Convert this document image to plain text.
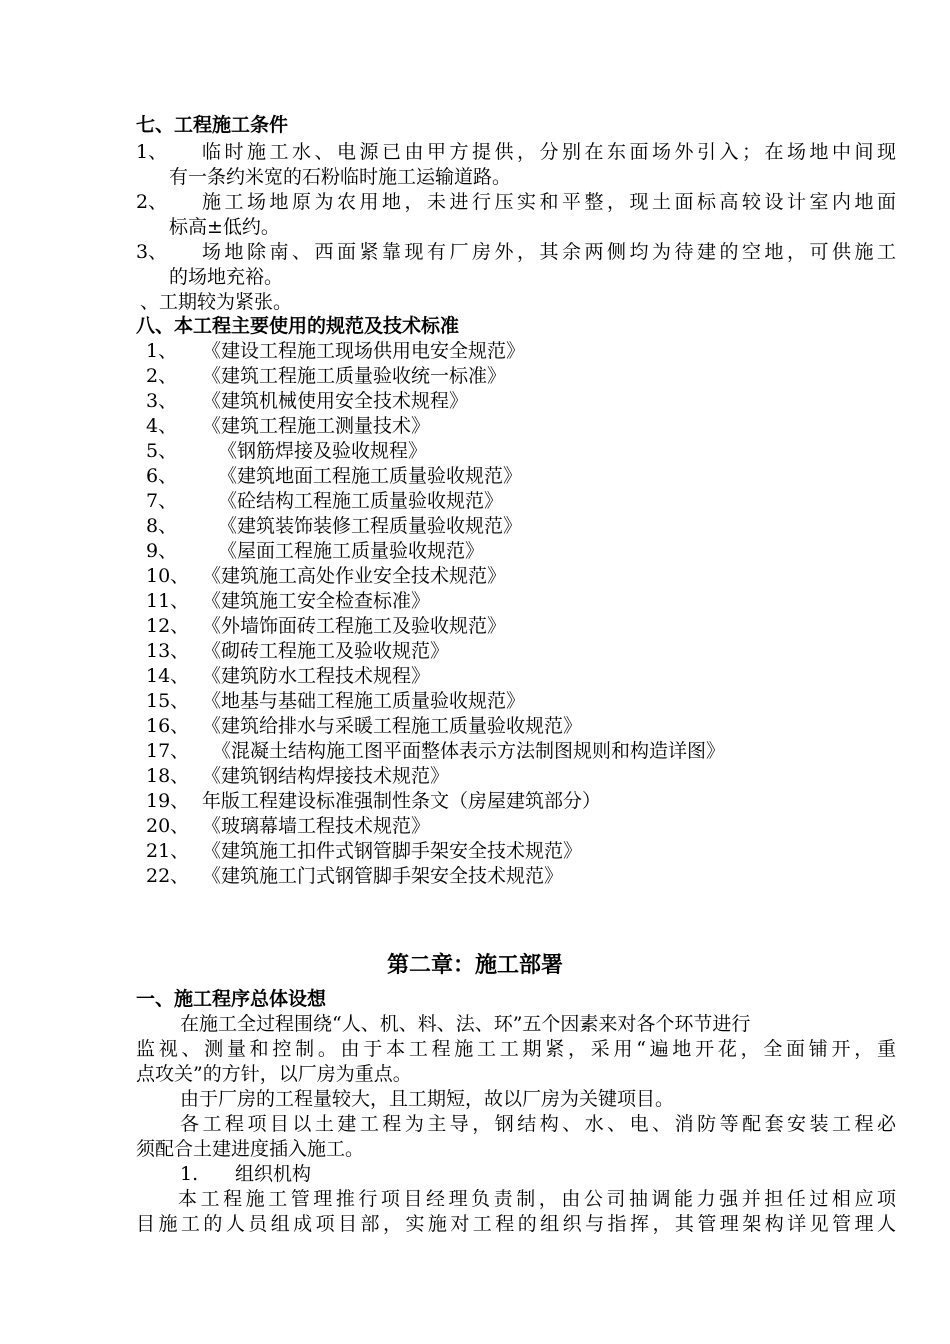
七、工程施工条件
1、 临时施工水、电源已由甲方提供，分别在东面场外引入；在场地中间现
有一条约米宽的石粉临时施工运输道路。
2、 施工场地原为农用地，未进行压实和平整，现土面标高较设计室内地面
标高±低约。
3、 场地除南、西面紧靠现有厂房外，其余两侧均为待建的空地，可供施工
的场地充裕。
、工期较为紧张。
八、本工程主要使用的规范及技术标准
1、 《建设工程施工现场供用电安全规范》
2、 《建筑工程施工质量验收统一标准》
3、 《建筑机械使用安全技术规程》
4、 《建筑工程施工测量技术》
5、 《钢筋焊接及验收规程》
6、 《建筑地面工程施工质量验收规范》
7、 《砼结构工程施工质量验收规范》
8、 《建筑装饰装修工程质量验收规范》
9、 《屋面工程施工质量验收规范》
10、 《建筑施工高处作业安全技术规范》
11、 《建筑施工安全检查标准》
12、 《外墙饰面砖工程施工及验收规范》
13、 《砌砖工程施工及验收规范》
14、 《建筑防水工程技术规程》
15、 《地基与基础工程施工质量验收规范》
16、 《建筑给排水与采暖工程施工质量验收规范》
17、 《混凝土结构施工图平面整体表示方法制图规则和构造详图》
18、 《建筑钢结构焊接技术规范》
19、 年版工程建设标准强制性条文（房屋建筑部分）
20、 《玻璃幕墙工程技术规范》
21、 《建筑施工扣件式钢管脚手架安全技术规范》
22、 《建筑施工门式钢管脚手架安全技术规范》
第二章：施工部署
一、施工程序总体设想
在施工全过程围绕“人、机、料、法、环”五个因素来对各个环节进行
监视、测量和控制。由于本工程施工工期紧，采用“遍地开花，全面铺开，重
点攻关”的方针，以厂房为重点。
由于厂房的工程量较大，且工期短，故以厂房为关键项目。
各工程项目以土建工程为主导，钢结构、水、电、消防等配套安装工程必
须配合土建进度插入施工。
1. 组织机构
本工程施工管理推行项目经理负责制，由公司抽调能力强并担任过相应项
目施工的人员组成项目部，实施对工程的组织与指挥，其管理架构详见管理人
